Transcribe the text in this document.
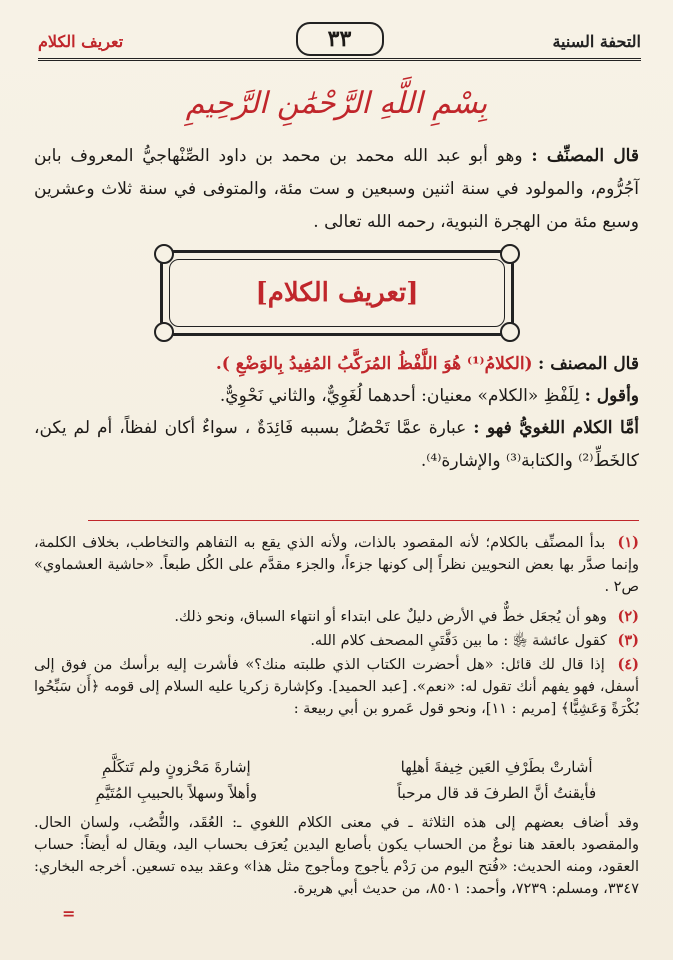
التحفة السنية
٣٣
تعريف الكلام
بِسْمِ اللَّهِ الرَّحْمَٰنِ الرَّحِيمِ
قال المصنِّف : وهو أبو عبد الله محمد بن محمد بن داود الصِّنْهاجيُّ المعروف بابن آجُرُّوم، والمولود في سنة اثنين وسبعين و ست مئة، والمتوفى في سنة ثلاث وعشرين وسبع مئة من الهجرة النبوية، رحمه الله تعالى .
[تعريف الكلام]
قال المصنف : (الكلامُ⁽¹⁾ هُوَ اللَّفْظُ المُرَكَّبُ المُفِيدُ بِالوَضْعِ ).
وأقول : لِلَفْظِ «الكلام» معنيان: أحدهما لُغَوِيٌّ، والثاني نَحْوِيٌّ.
أمَّا الكلام اللغويُّ فهو : عبارة عمَّا تَحْصُلُ بسببه فَائِدَةٌ ، سواءٌ أكان لفظاً، أم لم يكن، كالخَطِّ⁽²⁾ والكتابة⁽³⁾ والإشارة⁽⁴⁾.
(١) بدأ المصنِّف بالكلام؛ لأنه المقصود بالذات، ولأنه الذي يقع به التفاهم والتخاطب، بخلاف الكلمة، وإنما صدَّر بها بعض النحويين نظراً إلى كونها جزءاً، والجزء مقدَّم على الكُل طبعاً. «حاشية العشماوي» ص٢ .
(٢) وهو أن يُجعَل خطٌّ في الأرض دليلٌ على ابتداء أو انتهاء السباق، ونحو ذلك.
(٣) كقول عائشة ﵂ : ما بين دَفَّتَيِ المصحف كلام الله.
(٤) إذا قال لك قائل: «هل أحضرت الكتاب الذي طلبته منك؟» فأشرت إليه برأسك من فوق إلى أسفل، فهو يفهم أنك تقول له: «نعم». [عبد الحميد]. وكإشارة زكريا عليه السلام إلى قومه ﴿أَن سَبِّحُوا بُكْرَةً وَعَشِيًّا﴾ [مريم : ١١]، ونحو قول عَمرو بن أبي ربيعة :
أشارتْ بطَرْفِ العَين خِيفةَ أهلِها
إشارةَ مَحْزونٍ ولم تَتكَلَّمِ
فأيقنتُ أنَّ الطرفَ قد قال مرحباً
وأهلاً وسهلاً بالحبيبِ المُتَيَّمِ
وقد أضاف بعضهم إلى هذه الثلاثة ـ في معنى الكلام اللغوي ـ: العُقَد، والنُّصُب، ولسان الحال. والمقصود بالعقد هنا نوعٌ من الحساب يكون بأصابع اليدين يُعرَف بحساب اليد، ويقال له أيضاً: حساب العقود، ومنه الحديث: «فُتح اليوم من رَدْم يأجوج ومأجوج مثل هذا» وعقد بيده تسعين. أخرجه البخاري: ٣٣٤٧، ومسلم: ٧٢٣٩، وأحمد: ٨٥٠١، من حديث أبي هريرة.
=
